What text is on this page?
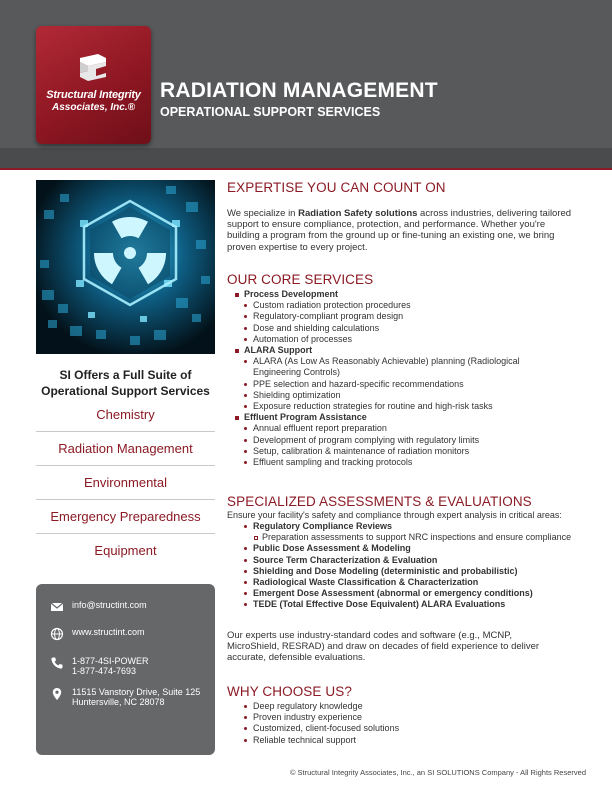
Structural Integrity
Associates, Inc.®
RADIATION MANAGEMENT
OPERATIONAL SUPPORT SERVICES
SI Offers a Full Suite of
Operational Support Services
Chemistry
Radiation Management
Environmental
Emergency Preparedness
Equipment
info@structint.com
www.structint.com
1-877-4SI-POWER
1-877-474-7693
11515 Vanstory Drive, Suite 125
Huntersville, NC 28078
EXPERTISE YOU CAN COUNT ON
We specialize in Radiation Safety solutions across industries, delivering tailored
support to ensure compliance, protection, and performance. Whether you're
building a program from the ground up or fine-tuning an existing one, we bring
proven expertise to every project.
OUR CORE SERVICES
Process Development
Custom radiation protection procedures
Regulatory-compliant program design
Dose and shielding calculations
Automation of processes
ALARA Support
ALARA (As Low As Reasonably Achievable) planning (Radiological
Engineering Controls)
PPE selection and hazard-specific recommendations
Shielding optimization
Exposure reduction strategies for routine and high-risk tasks
Effluent Program Assistance
Annual effluent report preparation
Development of program complying with regulatory limits
Setup, calibration & maintenance of radiation monitors
Effluent sampling and tracking protocols
SPECIALIZED ASSESSMENTS & EVALUATIONS
Ensure your facility's safety and compliance through expert analysis in critical areas:
Regulatory Compliance Reviews
Preparation assessments to support NRC inspections and ensure compliance
Public Dose Assessment & Modeling
Source Term Characterization & Evaluation
Shielding and Dose Modeling (deterministic and probabilistic)
Radiological Waste Classification & Characterization
Emergent Dose Assessment (abnormal or emergency conditions)
TEDE (Total Effective Dose Equivalent) ALARA Evaluations
Our experts use industry-standard codes and software (e.g., MCNP,
MicroShield, RESRAD) and draw on decades of field experience to deliver
accurate, defensible evaluations.
WHY CHOOSE US?
Deep regulatory knowledge
Proven industry experience
Customized, client-focused solutions
Reliable technical support
© Structural Integrity Associates, Inc., an SI SOLUTIONS Company - All Rights Reserved
